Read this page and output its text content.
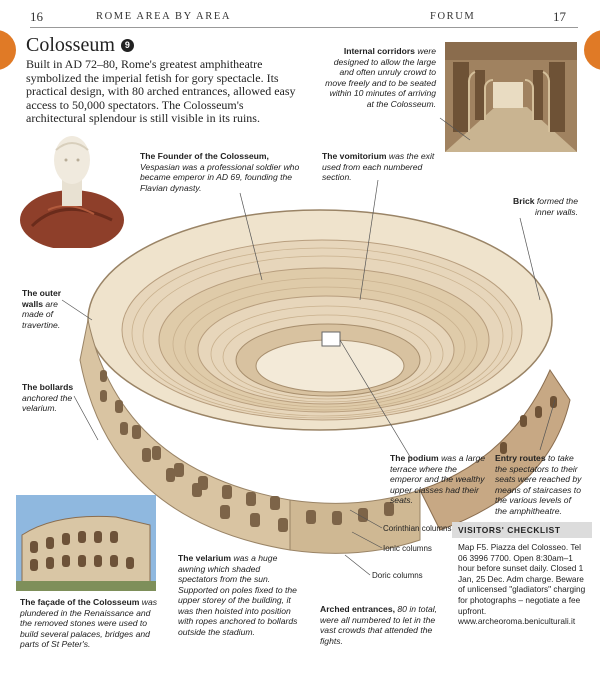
16	ROME AREA BY AREA	FORUM	17
Colosseum	9
Built in AD 72–80, Rome's greatest amphitheatre symbolized the imperial fetish for gory spectacle. Its practical design, with 80 arched entrances, allowed easy access to 50,000 spectators. The Colosseum's architectural splendour is still visible in its ruins.
Internal corridors were designed to allow the large and often unruly crowd to move freely and to be seated within 10 minutes of arriving at the Colosseum.
The Founder of the Colosseum, Vespasian was a professional soldier who became emperor in AD 69, founding the Flavian dynasty.
The vomitorium was the exit used from each numbered section.
Brick formed the inner walls.
The outer walls are made of travertine.
The bollards anchored the velarium.
The podium was a large terrace where the emperor and the wealthy upper classes had their seats.
Entry routes to take the spectators to their seats were reached by means of staircases to the various levels of the amphitheatre.
Corinthian columns
Ionic columns
Doric columns
The façade of the Colosseum was plundered in the Renaissance and the removed stones were used to build several palaces, bridges and parts of St Peter's.
The velarium was a huge awning which shaded spectators from the sun. Supported on poles fixed to the upper storey of the building, it was then hoisted into position with ropes anchored to bollards outside the stadium.
Arched entrances, 80 in total, were all numbered to let in the vast crowds that attended the fights.
VISITORS' CHECKLIST
Map F5. Piazza del Colosseo. Tel 06 3996 7700. Open 8:30am–1 hour before sunset daily. Closed 1 Jan, 25 Dec. Adm charge. Beware of unlicensed "gladiators" charging for photographs – negotiate a fee upfront. www.archeoroma.beniculturali.it
